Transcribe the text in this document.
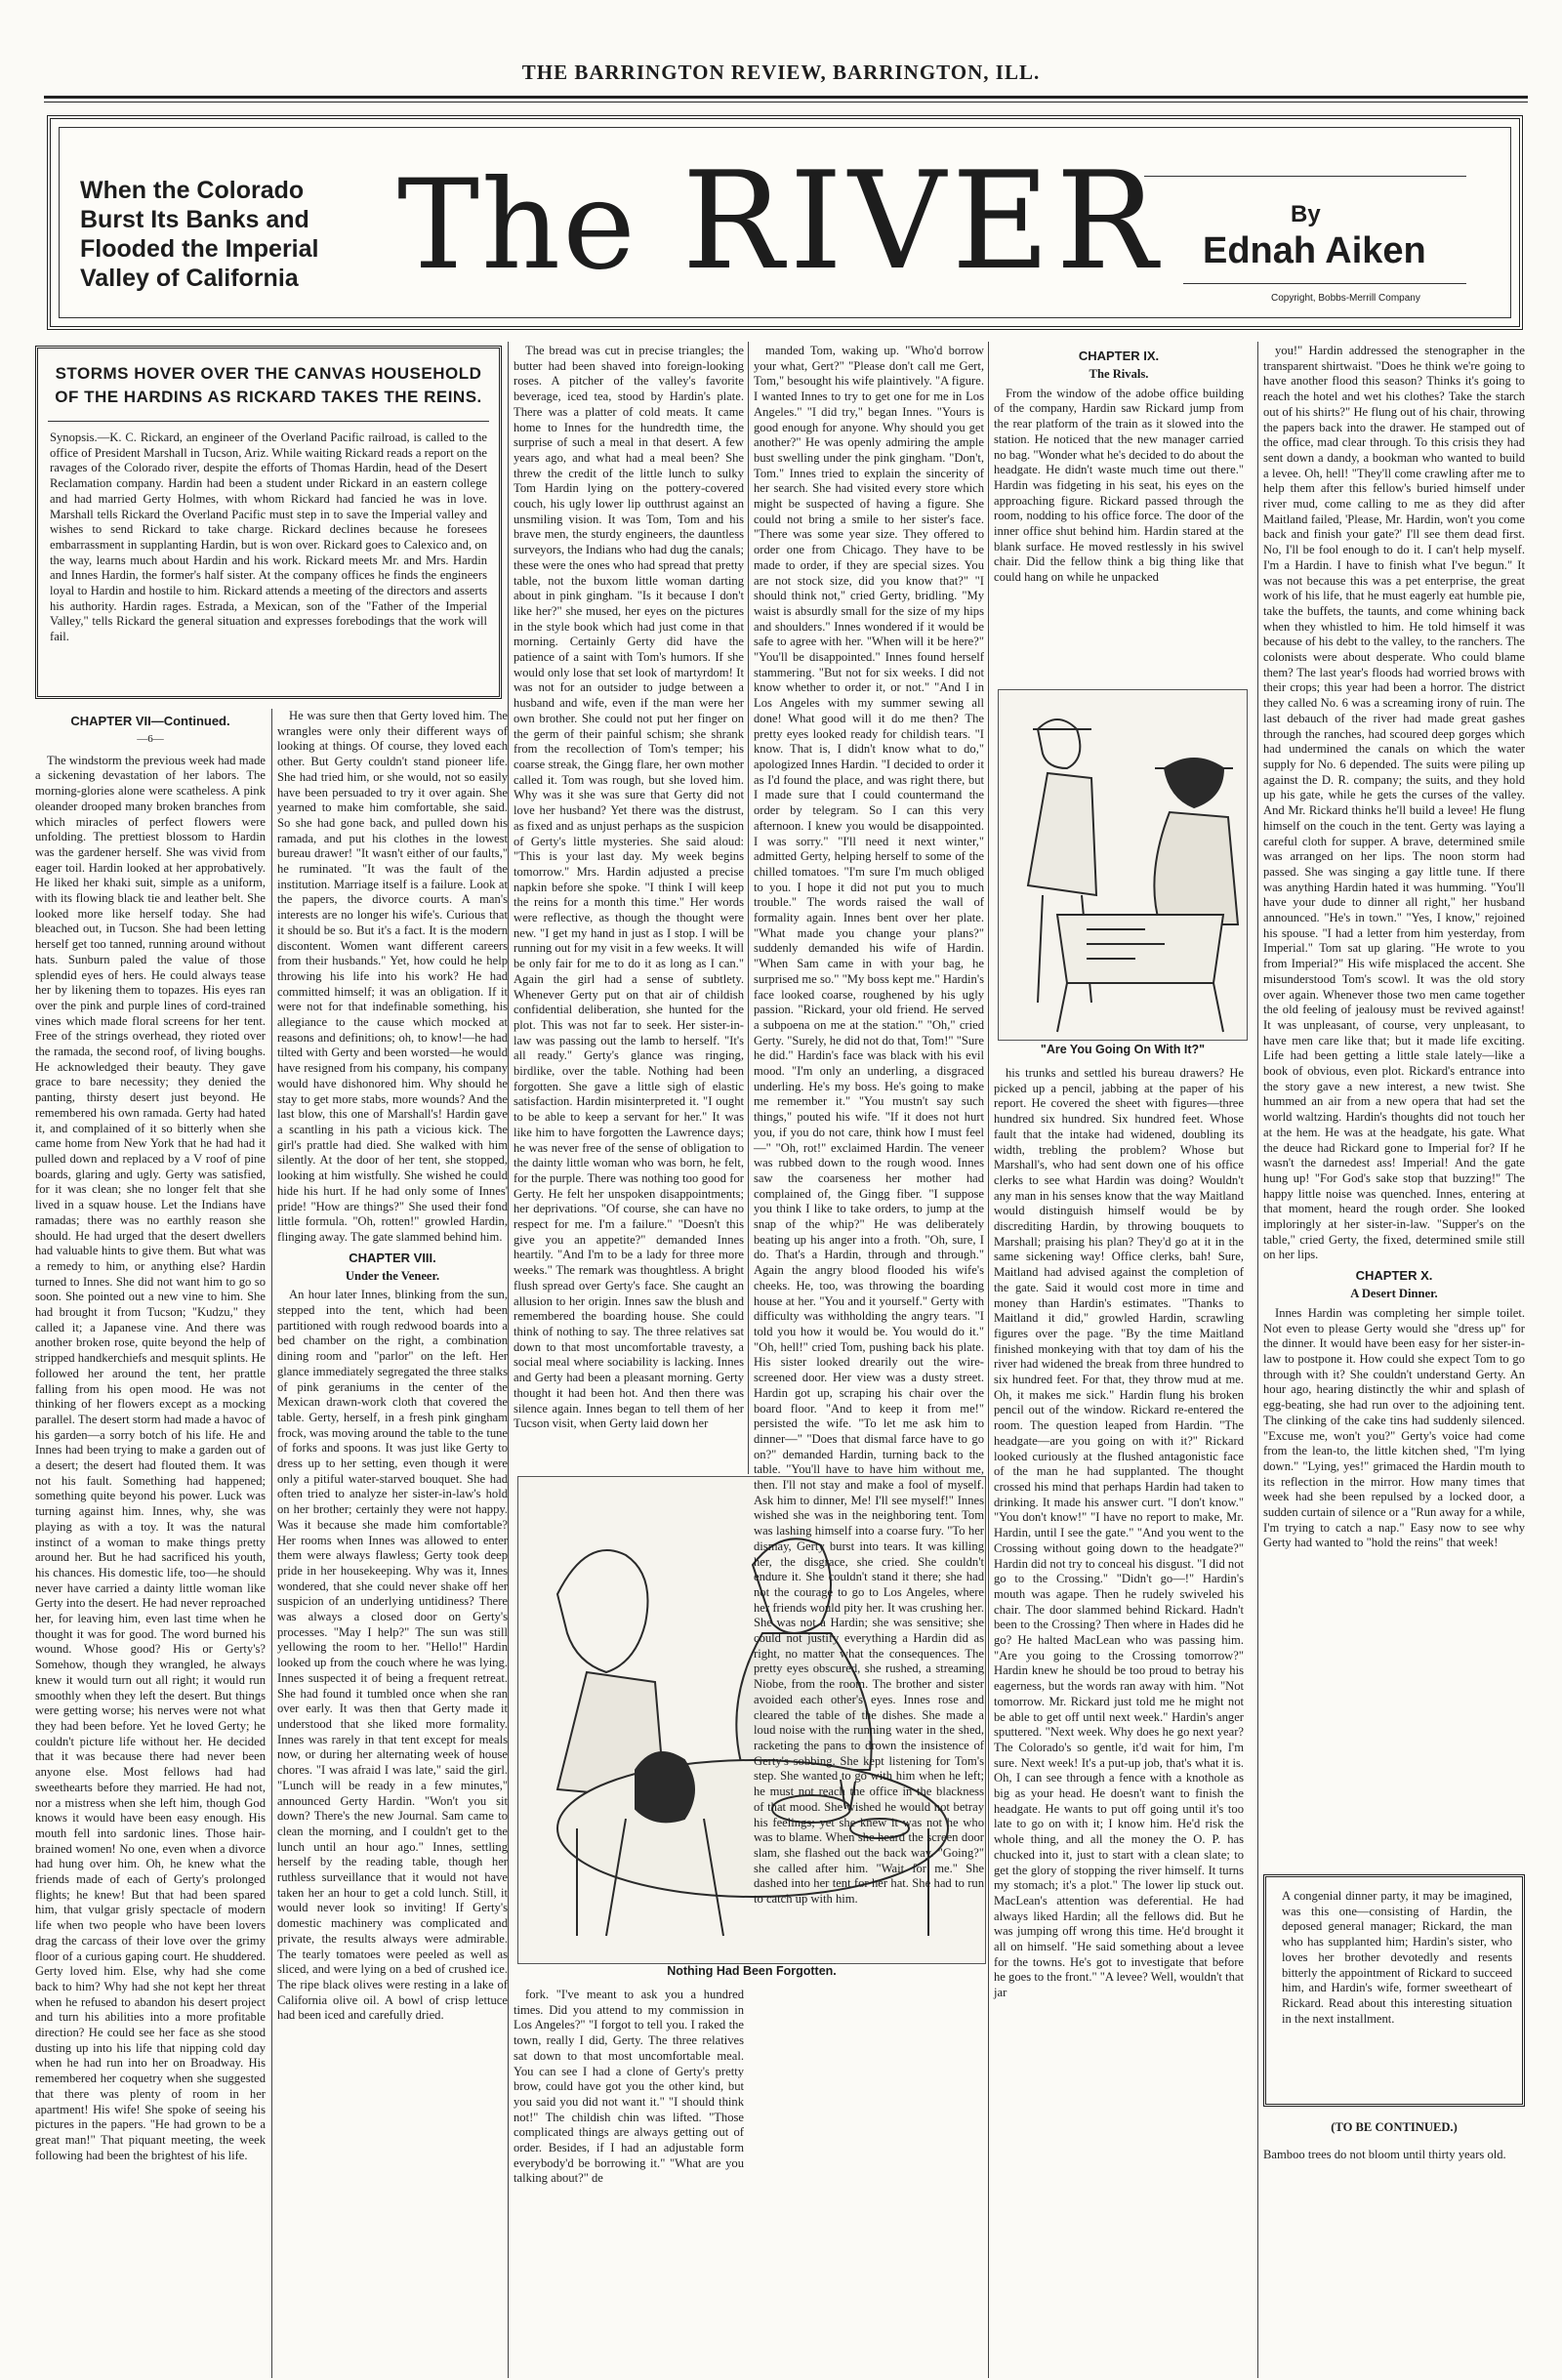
THE BARRINGTON REVIEW, BARRINGTON, ILL.
When the Colorado
Burst Its Banks and
Flooded the Imperial
Valley of California The RIVER	By
Ednah Aiken
Copyright, Bobbs-Merrill Company
STORMS HOVER OVER THE CANVAS HOUSEHOLD OF THE HARDINS AS RICKARD TAKES THE REINS.
Synopsis.—K. C. Rickard, an engineer of the Overland Pacific railroad, is called to the office of President Marshall in Tucson, Ariz. While waiting Rickard reads a report on the ravages of the Colorado river, despite the efforts of Thomas Hardin, head of the Desert Reclamation company. Hardin had been a student under Rickard in an eastern college and had married Gerty Holmes, with whom Rickard had fancied he was in love. Marshall tells Rickard the Overland Pacific must step in to save the Imperial valley and wishes to send Rickard to take charge. Rickard declines because he foresees embarrassment in supplanting Hardin, but is won over. Rickard goes to Calexico and, on the way, learns much about Hardin and his work. Rickard meets Mr. and Mrs. Hardin and Innes Hardin, the former's half sister. At the company offices he finds the engineers loyal to Hardin and hostile to him. Rickard attends a meeting of the directors and asserts his authority. Hardin rages. Estrada, a Mexican, son of the "Father of the Imperial Valley," tells Rickard the general situation and expresses forebodings that the work will fail.
CHAPTER VII—Continued.
—6—

The windstorm the previous week had made a sickening devastation of her labors. The morning-glories alone were scatheless. A pink oleander drooped many broken branches from which miracles of perfect flowers were unfolding. The prettiest blossom to Hardin was the gardener herself. She was vivid from eager toil. Hardin looked at her approbatively. He liked her khaki suit, simple as a uniform, with its flowing black tie and leather belt. She looked more like herself today. She had bleached out, in Tucson. She had been letting herself get too tanned, running around without hats. Sunburn paled the value of those splendid eyes of hers. He could always tease her by likening them to topazes. His eyes ran over the pink and purple lines of cord-trained vines which made floral screens for her tent. Free of the strings overhead, they rioted over the ramada, the second roof, of living boughs. He acknowledged their beauty. They gave grace to bare necessity; they denied the panting, thirsty desert just beyond. He remembered his own ramada. Gerty had hated it, and complained of it so bitterly when she came home from New York that he had had it pulled down and replaced by a V roof of pine boards, glaring and ugly. Gerty was satisfied, for it was clean; she no longer felt that she lived in a squaw house. Let the Indians have ramadas; there was no earthly reason she should. He had urged that the desert dwellers had valuable hints to give them. But what was a remedy to him, or anything else? Hardin turned to Innes. She did not want him to go so soon. She pointed out a new vine to him. She had brought it from Tucson; "Kudzu," they called it; a Japanese vine. And there was another broken rose, quite beyond the help of stripped handkerchiefs and mesquit splints. He followed her around the tent, her prattle falling from his open mood. He was not thinking of her flowers except as a mocking parallel. The desert storm had made a havoc of his garden—a sorry botch of his life. He and Innes had been trying to make a garden out of a desert; the desert had flouted them. It was not his fault. Something had happened; something quite beyond his power. Luck was turning against him. Innes, why, she was playing as with a toy. It was the natural instinct of a woman to make things pretty around her. But he had sacrificed his youth, his chances. His domestic life, too—he should never have carried a dainty little woman like Gerty into the desert. He had never reproached her, for leaving him, even last time when he thought it was for good. The word burned his wound. Whose good? His or Gerty's? Somehow, though they wrangled, he always knew it would turn out all right; it would run smoothly when they left the desert. But things were getting worse; his nerves were not what they had been before. Yet he loved Gerty; he couldn't picture life without her. He decided that it was because there had never been anyone else. Most fellows had had sweethearts before they married. He had not, nor a mistress when she left him, though God knows it would have been easy enough. His mouth fell into sardonic lines. Those hair-brained women! No one, even when a divorce had hung over him. Oh, he knew what the friends made of each of Gerty's prolonged flights; he knew! But that had been spared him, that vulgar grisly spectacle of modern life when two people who have been lovers drag the carcass of their love over the grimy floor of a curious gaping court. He shuddered. Gerty loved him. Else, why had she come back to him? Why had she not kept her threat when he refused to abandon his desert project and turn his abilities into a more profitable direction? He could see her face as she stood dusting up into his life that nipping cold day when he had run into her on Broadway. His remembered her coquetry when she suggested that there was plenty of room in her apartment! His wife! She spoke of seeing his pictures in the papers. "He had grown to be a great man!" That piquant meeting, the week following had been the brightest of his life.

He was sure then that Gerty loved him. The wrangles were only their different ways of looking at things. Of course, they loved each other. But Gerty couldn't stand pioneer life. She had tried him, or she would, not so easily have been persuaded to try it over again. She yearned to make him comfortable, she said. So she had gone back, and pulled down his ramada, and put his clothes in the lowest bureau drawer! "It wasn't either of our faults," he ruminated. "It was the fault of the institution. Marriage itself is a failure. Look at the papers, the divorce courts. A man's interests are no longer his wife's. Curious that it should be so. But it's a fact. It is the modern discontent. Women want different careers from their husbands." Yet, how could he help throwing his life into his work? He had committed himself; it was an obligation. If it were not for that indefinable something, his allegiance to the cause which mocked at reasons and definitions; oh, to know!—he had tilted with Gerty and been worsted—he would have resigned from his company, his company would have dishonored him. Why should he stay to get more stabs, more wounds? And the last blow, this one of Marshall's! Hardin gave a scantling in his path a vicious kick. The girl's prattle had died. She walked with him silently. At the door of her tent, she stopped, looking at him wistfully. She wished he could hide his hurt. If he had only some of Innes' pride! "How are things?" She used their fond little formula. "Oh, rotten!" growled Hardin, flinging away. The gate slammed behind him.

CHAPTER VIII.
Under the Veneer.

An hour later Innes, blinking from the sun, stepped into the tent, which had been partitioned with rough redwood boards into a bed chamber on the right, a combination dining room and "parlor" on the left. Her glance immediately segregated the three stalks of pink geraniums in the center of the Mexican drawn-work cloth that covered the table. Gerty, herself, in a fresh pink gingham frock, was moving around the table to the tune of forks and spoons. It was just like Gerty to dress up to her setting, even though it were only a pitiful water-starved bouquet. She had often tried to analyze her sister-in-law's hold on her brother; certainly they were not happy. Was it because she made him comfortable? Her rooms when Innes was allowed to enter them were always flawless; Gerty took deep pride in her housekeeping. Why was it, Innes wondered, that she could never shake off her suspicion of an underlying untidiness? There was always a closed door on Gerty's processes. "May I help?" The sun was still yellowing the room to her. "Hello!" Hardin looked up from the couch where he was lying. Innes suspected it of being a frequent retreat. She had found it tumbled once when she ran over early. It was then that Gerty made it understood that she liked more formality. Innes was rarely in that tent except for meals now, or during her alternating week of house chores. "I was afraid I was late," said the girl. "Lunch will be ready in a few minutes," announced Gerty Hardin. "Won't you sit down? There's the new Journal. Sam came to clean the morning, and I couldn't get to the lunch until an hour ago." Innes, settling herself by the reading table, though her ruthless surveillance that it would not have taken her an hour to get a cold lunch. Still, it would never look so inviting! If Gerty's domestic machinery was complicated and private, the results always were admirable. The tearly tomatoes were peeled as well as sliced, and were lying on a bed of crushed ice. The ripe black olives were resting in a lake of California olive oil. A bowl of crisp lettuce had been iced and carefully dried.

The bread was cut in precise triangles; the butter had been shaved into foreign-looking roses. A pitcher of the valley's favorite beverage, iced tea, stood by Hardin's plate. There was a platter of cold meats. It came home to Innes for the hundredth time, the surprise of such a meal in that desert. A few years ago, and what had a meal been? She threw the credit of the little lunch to sulky Tom Hardin lying on the pottery-covered couch, his ugly lower lip outthrust against an unsmiling vision. It was Tom, Tom and his brave men, the sturdy engineers, the dauntless surveyors, the Indians who had dug the canals; these were the ones who had spread that pretty table, not the buxom little woman darting about in pink gingham. "Is it because I don't like her?" she mused, her eyes on the pictures in the style book which had just come in that morning. Certainly Gerty did have the patience of a saint with Tom's humors. If she would only lose that set look of martyrdom! It was not for an outsider to judge between a husband and wife, even if the man were her own brother. She could not put her finger on the germ of their painful schism; she shrank from the recollection of Tom's temper; his coarse streak, the Gingg flare, her own mother called it. Tom was rough, but she loved him. Why was it she was sure that Gerty did not love her husband? Yet there was the distrust, as fixed and as unjust perhaps as the suspicion of Gerty's little mysteries. She said aloud: "This is your last day. My week begins tomorrow." Mrs. Hardin adjusted a precise napkin before she spoke. "I think I will keep the reins for a month this time." Her words were reflective, as though the thought were new. "I get my hand in just as I stop. I will be running out for my visit in a few weeks. It will be only fair for me to do it as long as I can." Again the girl had a sense of subtlety. Whenever Gerty put on that air of childish confidential deliberation, she hunted for the plot. This was not far to seek. Her sister-in-law was passing out the lamb to herself. "It's all ready." Gerty's glance was ringing, birdlike, over the table. Nothing had been forgotten. She gave a little sigh of elastic satisfaction. Hardin misinterpreted it. "I ought to be able to keep a servant for her." It was like him to have forgotten the Lawrence days; he was never free of the sense of obligation to the dainty little woman who was born, he felt, for the purple. There was nothing too good for Gerty. He felt her unspoken disappointments; her deprivations. "Of course, she can have no respect for me. I'm a failure." "Doesn't this give you an appetite?" demanded Innes heartily. "And I'm to be a lady for three more weeks." The remark was thoughtless. A bright flush spread over Gerty's face. She caught an allusion to her origin. Innes saw the blush and remembered the boarding house. She could think of nothing to say. The three relatives sat down to that most uncomfortable travesty, a social meal where sociability is lacking. Innes and Gerty had been a pleasant morning. Gerty thought it had been hot. And then there was silence again. Innes began to tell them of her Tucson visit, when Gerty laid down her

Nothing Had Been Forgotten.

fork. "I've meant to ask you a hundred times. Did you attend to my commission in Los Angeles?" "I forgot to tell you. I raked the town, really I did, Gerty. The three relatives sat down to that most uncomfortable meal. You can see I had a clone of Gerty's pretty brow, could have got you the other kind, but you said you did not want it." "I should think not!" The childish chin was lifted. "Those complicated things are always getting out of order. Besides, if I had an adjustable form everybody'd be borrowing it." "What are you talking about?" de

manded Tom, waking up. "Who'd borrow your what, Gert?" "Please don't call me Gert, Tom," besought his wife plaintively. "A figure. I wanted Innes to try to get one for me in Los Angeles." "I did try," began Innes. "Yours is good enough for anyone. Why should you get another?" He was openly admiring the ample bust swelling under the pink gingham. "Don't, Tom." Innes tried to explain the sincerity of her search. She had visited every store which might be suspected of having a figure. She could not bring a smile to her sister's face. "There was some year size. They offered to order one from Chicago. They have to be made to order, if they are special sizes. You are not stock size, did you know that?" "I should think not," cried Gerty, bridling. "My waist is absurdly small for the size of my hips and shoulders." Innes wondered if it would be safe to agree with her. "When will it be here?" "You'll be disappointed." Innes found herself stammering. "But not for six weeks. I did not know whether to order it, or not." "And I in Los Angeles with my summer sewing all done! What good will it do me then? The pretty eyes looked ready for childish tears. "I know. That is, I didn't know what to do," apologized Innes Hardin. "I decided to order it as I'd found the place, and was right there, but I made sure that I could countermand the order by telegram. So I can this very afternoon. I knew you would be disappointed. I was sorry." "I'll need it next winter," admitted Gerty, helping herself to some of the chilled tomatoes. "I'm sure I'm much obliged to you. I hope it did not put you to much trouble." The words raised the wall of formality again. Innes bent over her plate. "What made you change your plans?" suddenly demanded his wife of Hardin. "When Sam came in with your bag, he surprised me so." "My boss kept me." Hardin's face looked coarse, roughened by his ugly passion. "Rickard, your old friend. He served a subpoena on me at the station." "Oh," cried Gerty. "Surely, he did not do that, Tom!" "Sure he did." Hardin's face was black with his evil mood. "I'm only an underling, a disgraced underling. He's my boss. He's going to make me remember it." "You mustn't say such things," pouted his wife. "If it does not hurt you, if you do not care, think how I must feel—" "Oh, rot!" exclaimed Hardin. The veneer was rubbed down to the rough wood. Innes saw the coarseness her mother had complained of, the Gingg fiber. "I suppose you think I like to take orders, to jump at the snap of the whip?" He was deliberately beating up his anger into a froth. "Oh, sure, I do. That's a Hardin, through and through." Again the angry blood flooded his wife's cheeks. He, too, was throwing the boarding house at her. "You and it yourself." Gerty with difficulty was withholding the angry tears. "I told you how it would be. You would do it." "Oh, hell!" cried Tom, pushing back his plate. His sister looked drearily out the wire-screened door. Her view was a dusty street. Hardin got up, scraping his chair over the board floor. "And to keep it from me!" persisted the wife. "To let me ask him to dinner—" "Does that dismal farce have to go on?" demanded Hardin, turning back to the table. "You'll have to have him without me, then. I'll not stay and make a fool of myself. Ask him to dinner, Me! I'll see myself!" Innes wished she was in the neighboring tent. Tom was lashing himself into a coarse fury. "To her dismay, Gerty burst into tears. It was killing her, the disgrace, she cried. She couldn't endure it. She couldn't stand it there; she had not the courage to go to Los Angeles, where her friends would pity her. It was crushing her. She was not a Hardin; she was sensitive; she could not justify everything a Hardin did as right, no matter what the consequences. The pretty eyes obscured, she rushed, a streaming Niobe, from the room. The brother and sister avoided each other's eyes. Innes rose and cleared the table of the dishes. She made a loud noise with the running water in the shed, racketing the pans to drown the insistence of Gerty's sobbing. She kept listening for Tom's step. She wanted to go with him when he left; he must not reach the office in the blackness of that mood. She wished he would not betray his feelings; yet she knew it was not he who was to blame. When she heard the screen door slam, she flashed out the back way. "Going?" she called after him. "Wait for me." She dashed into her tent for her hat. She had to run to catch up with him.

CHAPTER IX.
The Rivals.

From the window of the adobe office building of the company, Hardin saw Rickard jump from the rear platform of the train as it slowed into the station. He noticed that the new manager carried no bag. "Wonder what he's decided to do about the headgate. He didn't waste much time out there." Hardin was fidgeting in his seat, his eyes on the approaching figure. Rickard passed through the room, nodding to his office force. The door of the inner office shut behind him. Hardin stared at the blank surface. He moved restlessly in his swivel chair. Did the fellow think a big thing like that could hang on while he unpacked

"Are You Going On With It?"

his trunks and settled his bureau drawers? He picked up a pencil, jabbing at the paper of his report. He covered the sheet with figures—three hundred six hundred. Six hundred feet. Whose fault that the intake had widened, doubling its width, trebling the problem? Whose but Marshall's, who had sent down one of his office clerks to see what Hardin was doing? Wouldn't any man in his senses know that the way Maitland would distinguish himself would be by discrediting Hardin, by throwing bouquets to Marshall; praising his plan? They'd go at it in the same sickening way! Office clerks, bah! Sure, Maitland had advised against the completion of the gate. Said it would cost more in time and money than Hardin's estimates. "Thanks to Maitland it did," growled Hardin, scrawling figures over the page. "By the time Maitland finished monkeying with that toy dam of his the river had widened the break from three hundred to six hundred feet. For that, they throw mud at me. Oh, it makes me sick." Hardin flung his broken pencil out of the window. Rickard re-entered the room. The question leaped from Hardin. "The headgate—are you going on with it?" Rickard looked curiously at the flushed antagonistic face of the man he had supplanted. The thought crossed his mind that perhaps Hardin had taken to drinking. It made his answer curt. "I don't know." "You don't know!" "I have no report to make, Mr. Hardin, until I see the gate." "And you went to the Crossing without going down to the headgate?" Hardin did not try to conceal his disgust. "I did not go to the Crossing." "Didn't go—!" Hardin's mouth was agape. Then he rudely swiveled his chair. The door slammed behind Rickard. Hadn't been to the Crossing? Then where in Hades did he go? He halted MacLean who was passing him. "Are you going to the Crossing tomorrow?" Hardin knew he should be too proud to betray his eagerness, but the words ran away with him. "Not tomorrow. Mr. Rickard just told me he might not be able to get off until next week." Hardin's anger sputtered. "Next week. Why does he go next year? The Colorado's so gentle, it'd wait for him, I'm sure. Next week! It's a put-up job, that's what it is. Oh, I can see through a fence with a knothole as big as your head. He doesn't want to finish the headgate. He wants to put off going until it's too late to go on with it; I know him. He'd risk the whole thing, and all the money the O. P. has chucked into it, just to start with a clean slate; to get the glory of stopping the river himself. It turns my stomach; it's a plot." The lower lip stuck out. MacLean's attention was deferential. He had always liked Hardin; all the fellows did. But he was jumping off wrong this time. He'd brought it all on himself. "He said something about a levee for the towns. He's got to investigate that before he goes to the front." "A levee? Well, wouldn't that jar

you!" Hardin addressed the stenographer in the transparent shirtwaist. "Does he think we're going to have another flood this season? Thinks it's going to reach the hotel and wet his clothes? Take the starch out of his shirts?" He flung out of his chair, throwing the papers back into the drawer. He stamped out of the office, mad clear through. To this crisis they had sent down a dandy, a bookman who wanted to build a levee. Oh, hell! "They'll come crawling after me to help them after this fellow's buried himself under river mud, come calling to me as they did after Maitland failed, 'Please, Mr. Hardin, won't you come back and finish your gate?' I'll see them dead first. No, I'll be fool enough to do it. I can't help myself. I'm a Hardin. I have to finish what I've begun." It was not because this was a pet enterprise, the great work of his life, that he must eagerly eat humble pie, take the buffets, the taunts, and come whining back when they whistled to him. He told himself it was because of his debt to the valley, to the ranchers. The colonists were about desperate. Who could blame them? The last year's floods had worried brows with their crops; this year had been a horror. The district they called No. 6 was a screaming irony of ruin. The last debauch of the river had made great gashes through the ranches, had scoured deep gorges which had undermined the canals on which the water supply for No. 6 depended. The suits were piling up against the D. R. company; the suits, and they hold up his gate, while he gets the curses of the valley. And Mr. Rickard thinks he'll build a levee! He flung himself on the couch in the tent. Gerty was laying a careful cloth for supper. A brave, determined smile was arranged on her lips. The noon storm had passed. She was singing a gay little tune. If there was anything Hardin hated it was humming. "You'll have your dude to dinner all right," her husband announced. "He's in town." "Yes, I know," rejoined his spouse. "I had a letter from him yesterday, from Imperial." Tom sat up glaring. "He wrote to you from Imperial?" His wife misplaced the accent. She misunderstood Tom's scowl. It was the old story over again. Whenever those two men came together the old feeling of jealousy must be revived against! It was unpleasant, of course, very unpleasant, to have men care like that; but it made life exciting. Life had been getting a little stale lately—like a book of obvious, even plot. Rickard's entrance into the story gave a new interest, a new twist. She hummed an air from a new opera that had set the world waltzing. Hardin's thoughts did not touch her at the hem. He was at the headgate, his gate. What the deuce had Rickard gone to Imperial for? If he wasn't the darnedest ass! Imperial! And the gate hung up! "For God's sake stop that buzzing!" The happy little noise was quenched. Innes, entering at that moment, heard the rough order. She looked imploringly at her sister-in-law. "Supper's on the table," cried Gerty, the fixed, determined smile still on her lips.

CHAPTER X.
A Desert Dinner.

Innes Hardin was completing her simple toilet. Not even to please Gerty would she "dress up" for the dinner. It would have been easy for her sister-in-law to postpone it. How could she expect Tom to go through with it? She couldn't understand Gerty. An hour ago, hearing distinctly the whir and splash of egg-beating, she had run over to the adjoining tent. The clinking of the cake tins had suddenly silenced. "Excuse me, won't you?" Gerty's voice had come from the lean-to, the little kitchen shed, "I'm lying down." "Lying, yes!" grimaced the Hardin mouth to its reflection in the mirror. How many times that week had she been repulsed by a locked door, a sudden curtain of silence or a "Run away for a while, I'm trying to catch a nap." Easy now to see why Gerty had wanted to "hold the reins" that week!

A congenial dinner party, it may be imagined, was this one—consisting of Hardin, the deposed general manager; Rickard, the man who has supplanted him; Hardin's sister, who loves her brother devotedly and resents bitterly the appointment of Rickard to succeed him, and Hardin's wife, former sweetheart of Rickard. Read about this interesting situation in the next installment.
(TO BE CONTINUED.)
Bamboo trees do not bloom until thirty years old.
